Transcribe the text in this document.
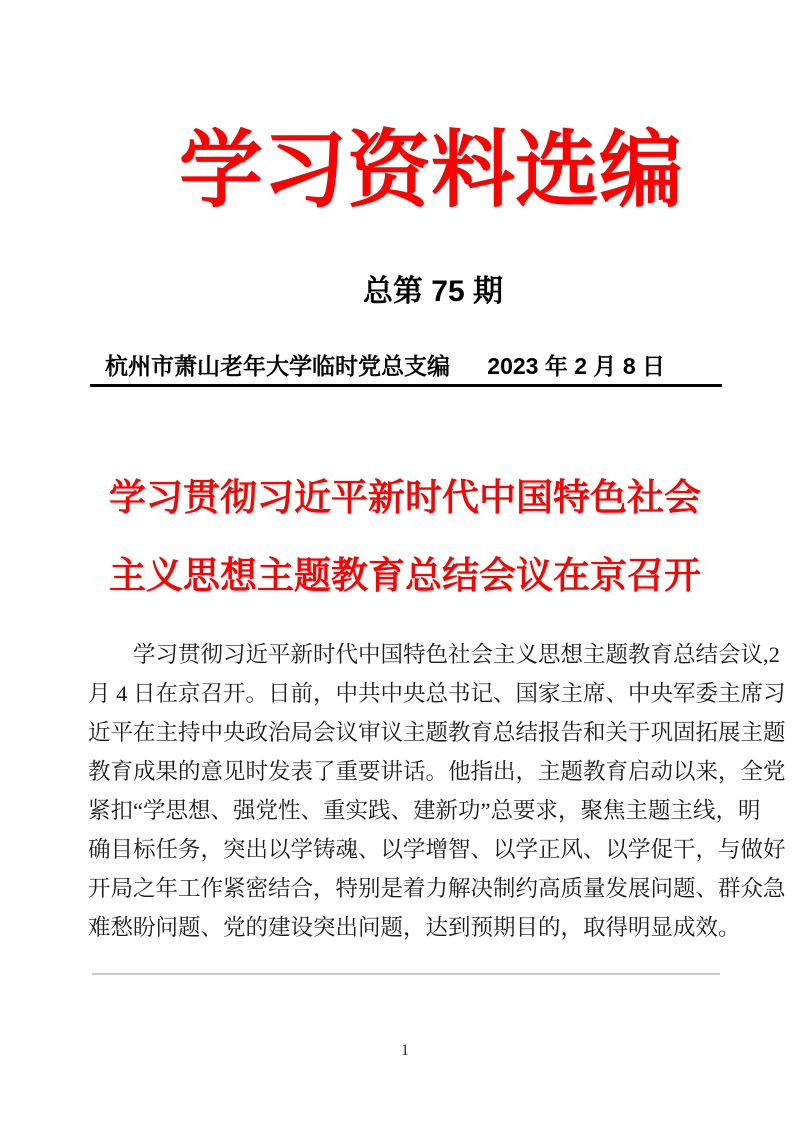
学习资料选编
总第 75 期
杭州市萧山老年大学临时党总支编 2023 年 2 月 8 日
学习贯彻习近平新时代中国特色社会
主义思想主题教育总结会议在京召开
学习贯彻习近平新时代中国特色社会主义思想主题教育总结会议,2
月 4 日在京召开。日前，中共中央总书记、国家主席、中央军委主席习
近平在主持中央政治局会议审议主题教育总结报告和关于巩固拓展主题
教育成果的意见时发表了重要讲话。他指出，主题教育启动以来，全党
紧扣“学思想、强党性、重实践、建新功”总要求，聚焦主题主线，明
确目标任务，突出以学铸魂、以学增智、以学正风、以学促干，与做好
开局之年工作紧密结合，特别是着力解决制约高质量发展问题、群众急
难愁盼问题、党的建设突出问题，达到预期目的，取得明显成效。
1
